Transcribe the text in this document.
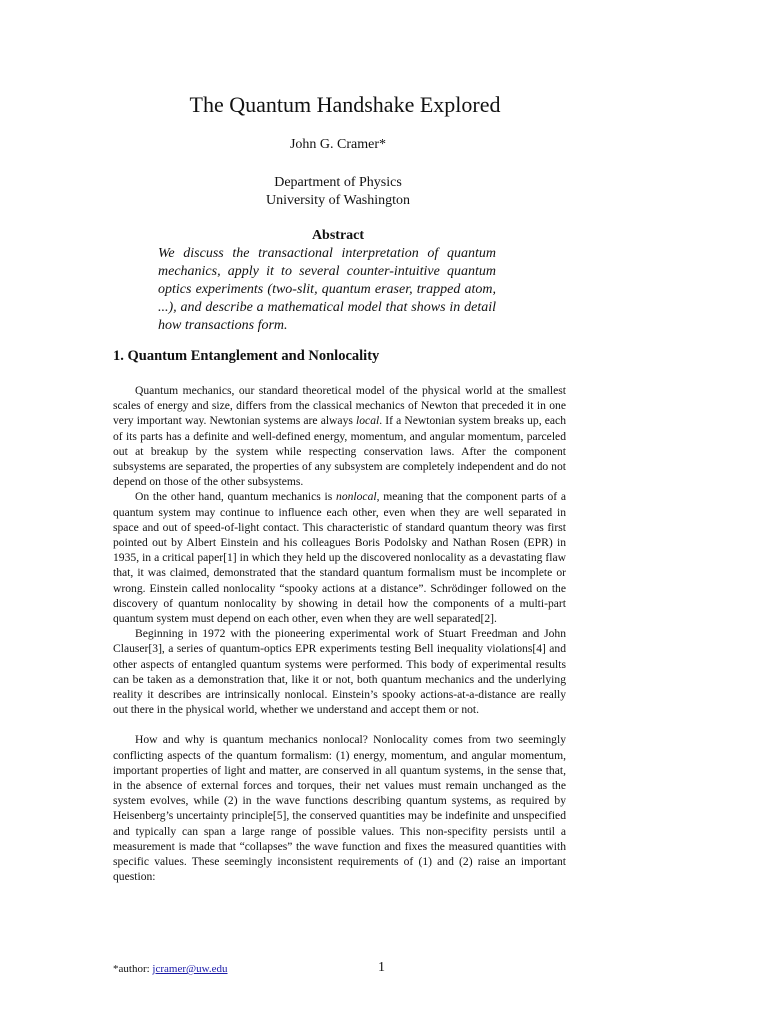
The Quantum Handshake Explored
John G. Cramer*
Department of Physics
University of Washington
Abstract
We discuss the transactional interpretation of quantum mechanics, apply it to several counter-intuitive quantum optics experiments (two-slit, quantum eraser, trapped atom, ...), and describe a mathematical model that shows in detail how transactions form.
1. Quantum Entanglement and Nonlocality

Quantum mechanics, our standard theoretical model of the physical world at the smallest scales of energy and size, differs from the classical mechanics of Newton that preceded it in one very important way. Newtonian systems are always local. If a Newtonian system breaks up, each of its parts has a definite and well-defined energy, momentum, and angular momentum, parceled out at breakup by the system while respecting conservation laws. After the component subsystems are separated, the properties of any subsystem are completely independent and do not depend on those of the other subsystems.

On the other hand, quantum mechanics is nonlocal, meaning that the component parts of a quantum system may continue to influence each other, even when they are well separated in space and out of speed-of-light contact. This characteristic of standard quantum theory was first pointed out by Albert Einstein and his colleagues Boris Podolsky and Nathan Rosen (EPR) in 1935, in a critical paper[1] in which they held up the discovered nonlocality as a devastating flaw that, it was claimed, demonstrated that the standard quantum formalism must be incomplete or wrong. Einstein called nonlocality “spooky actions at a distance”. Schrödinger followed on the discovery of quantum nonlocality by showing in detail how the components of a multi-part quantum system must depend on each other, even when they are well separated[2].

Beginning in 1972 with the pioneering experimental work of Stuart Freedman and John Clauser[3], a series of quantum-optics EPR experiments testing Bell inequality violations[4] and other aspects of entangled quantum systems were performed. This body of experimental results can be taken as a demonstration that, like it or not, both quantum mechanics and the underlying reality it describes are intrinsically nonlocal. Einstein’s spooky actions-at-a-distance are really out there in the physical world, whether we understand and accept them or not.

How and why is quantum mechanics nonlocal? Nonlocality comes from two seemingly conflicting aspects of the quantum formalism: (1) energy, momentum, and angular momentum, important properties of light and matter, are conserved in all quantum systems, in the sense that, in the absence of external forces and torques, their net values must remain unchanged as the system evolves, while (2) in the wave functions describing quantum systems, as required by Heisenberg’s uncertainty principle[5], the conserved quantities may be indefinite and unspecified and typically can span a large range of possible values. This non-specifity persists until a measurement is made that “collapses” the wave function and fixes the measured quantities with specific values. These seemingly inconsistent requirements of (1) and (2) raise an important question:

*author: jcramer@uw.edu	1
